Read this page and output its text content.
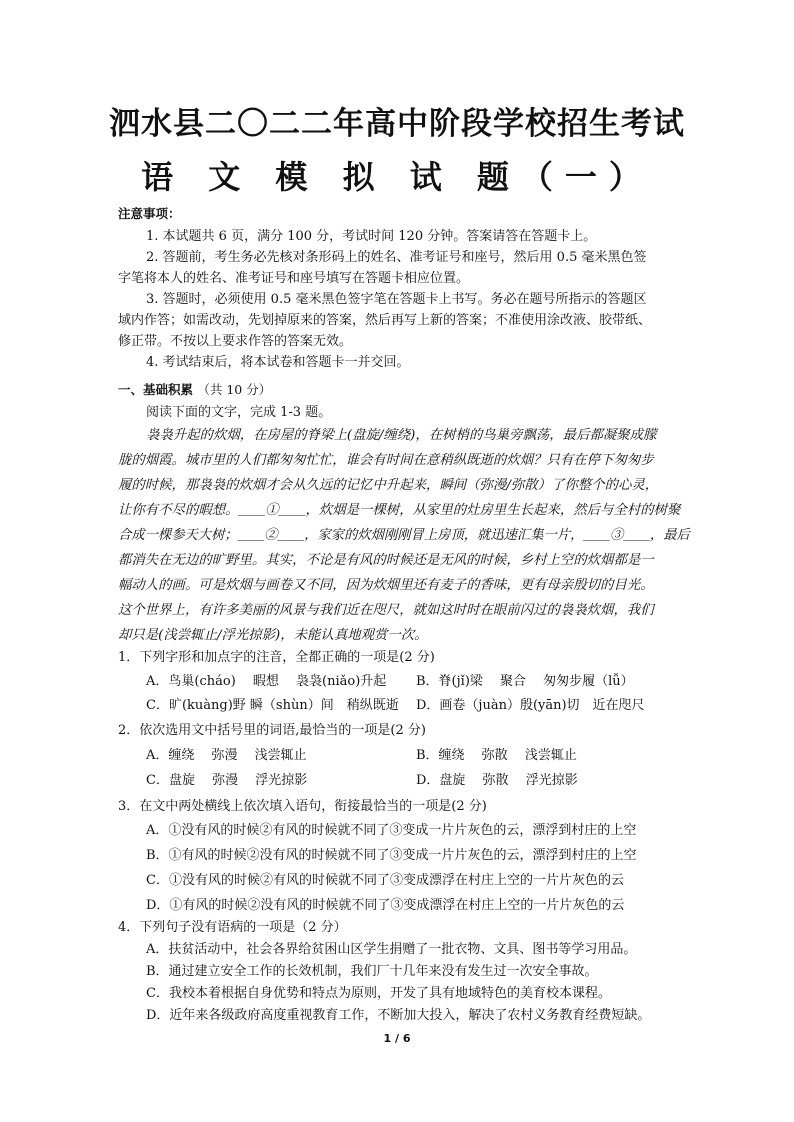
泗水县二〇二二年高中阶段学校招生考试
语 文 模 拟 试 题（一）
注意事项：
1. 本试题共 6 页，满分 100 分，考试时间 120 分钟。答案请答在答题卡上。
2. 答题前，考生务必先核对条形码上的姓名、准考证号和座号，然后用 0.5 毫米黑色签
字笔将本人的姓名、准考证号和座号填写在答题卡相应位置。
3. 答题时，必须使用 0.5 毫米黑色签字笔在答题卡上书写。务必在题号所指示的答题区
域内作答；如需改动，先划掉原来的答案，然后再写上新的答案；不准使用涂改液、胶带纸、
修正带。不按以上要求作答的答案无效。
4. 考试结束后，将本试卷和答题卡一并交回。
一、基础积累 （共 10 分）
阅读下面的文字，完成 1-3 题。
袅袅升起的炊烟，在房屋的脊梁上(盘旋/缠绕)，在树梢的鸟巢旁飘荡，最后都凝聚成朦
胧的烟霞。城市里的人们都匆匆忙忙，谁会有时间在意稍纵既逝的炊烟？只有在停下匆匆步
履的时候，那袅袅的炊烟才会从久远的记忆中升起来，瞬间（弥漫/弥散）了你整个的心灵，
让你有不尽的暇想。＿＿①＿＿，炊烟是一棵树，从家里的灶房里生长起来，然后与全村的树聚
合成一棵参天大树；＿＿②＿＿，家家的炊烟刚刚冒上房顶，就迅速汇集一片，＿＿③＿＿，最后
都消失在无边的旷野里。其实，不论是有风的时候还是无风的时候，乡村上空的炊烟都是一
幅动人的画。可是炊烟与画卷又不同，因为炊烟里还有麦子的香味，更有母亲殷切的目光。
这个世界上，有许多美丽的风景与我们近在咫尺，就如这时时在眼前闪过的袅袅炊烟，我们
却只是(浅尝辄止/浮光掠影)，未能认真地观赏一次。
1．下列字形和加点字的注音，全都正确的一项是(2 分)
A．鸟巢(cháo)　 暇想　 袅袅(niǎo)升起 B．脊(jǐ)梁　 聚合　 匆匆步履（lǚ）
C．旷(kuàng)野 瞬（shùn）间　稍纵既逝 D．画卷（juàn）殷(yān)切　近在咫尺
2．依次选用文中括号里的词语,最恰当的一项是(2 分)
A．缠绕　 弥漫　 浅尝辄止	B．缠绕　 弥散　 浅尝辄止
C．盘旋　 弥漫　 浮光掠影	D．盘旋　 弥散　 浮光掠影
3．在文中两处横线上依次填入语句，衔接最恰当的一项是(2 分)
A．①没有风的时候②有风的时候就不同了③变成一片片灰色的云，漂浮到村庄的上空
B．①有风的时候②没有风的时候就不同了③变成一片片灰色的云，漂浮到村庄的上空
C．①没有风的时候②有风的时候就不同了③变成漂浮在村庄上空的一片片灰色的云
D．①有风的时候②没有风的时候就不同了③变成漂浮在村庄上空的一片片灰色的云
4．下列句子没有语病的一项是（2 分）
A．扶贫活动中，社会各界给贫困山区学生捐赠了一批衣物、文具、图书等学习用品。
B．通过建立安全工作的长效机制，我们厂十几年来没有发生过一次安全事故。
C．我校本着根据自身优势和特点为原则，开发了具有地域特色的美育校本课程。
D．近年来各级政府高度重视教育工作，不断加大投入，解决了农村义务教育经费短缺。
1 / 6
